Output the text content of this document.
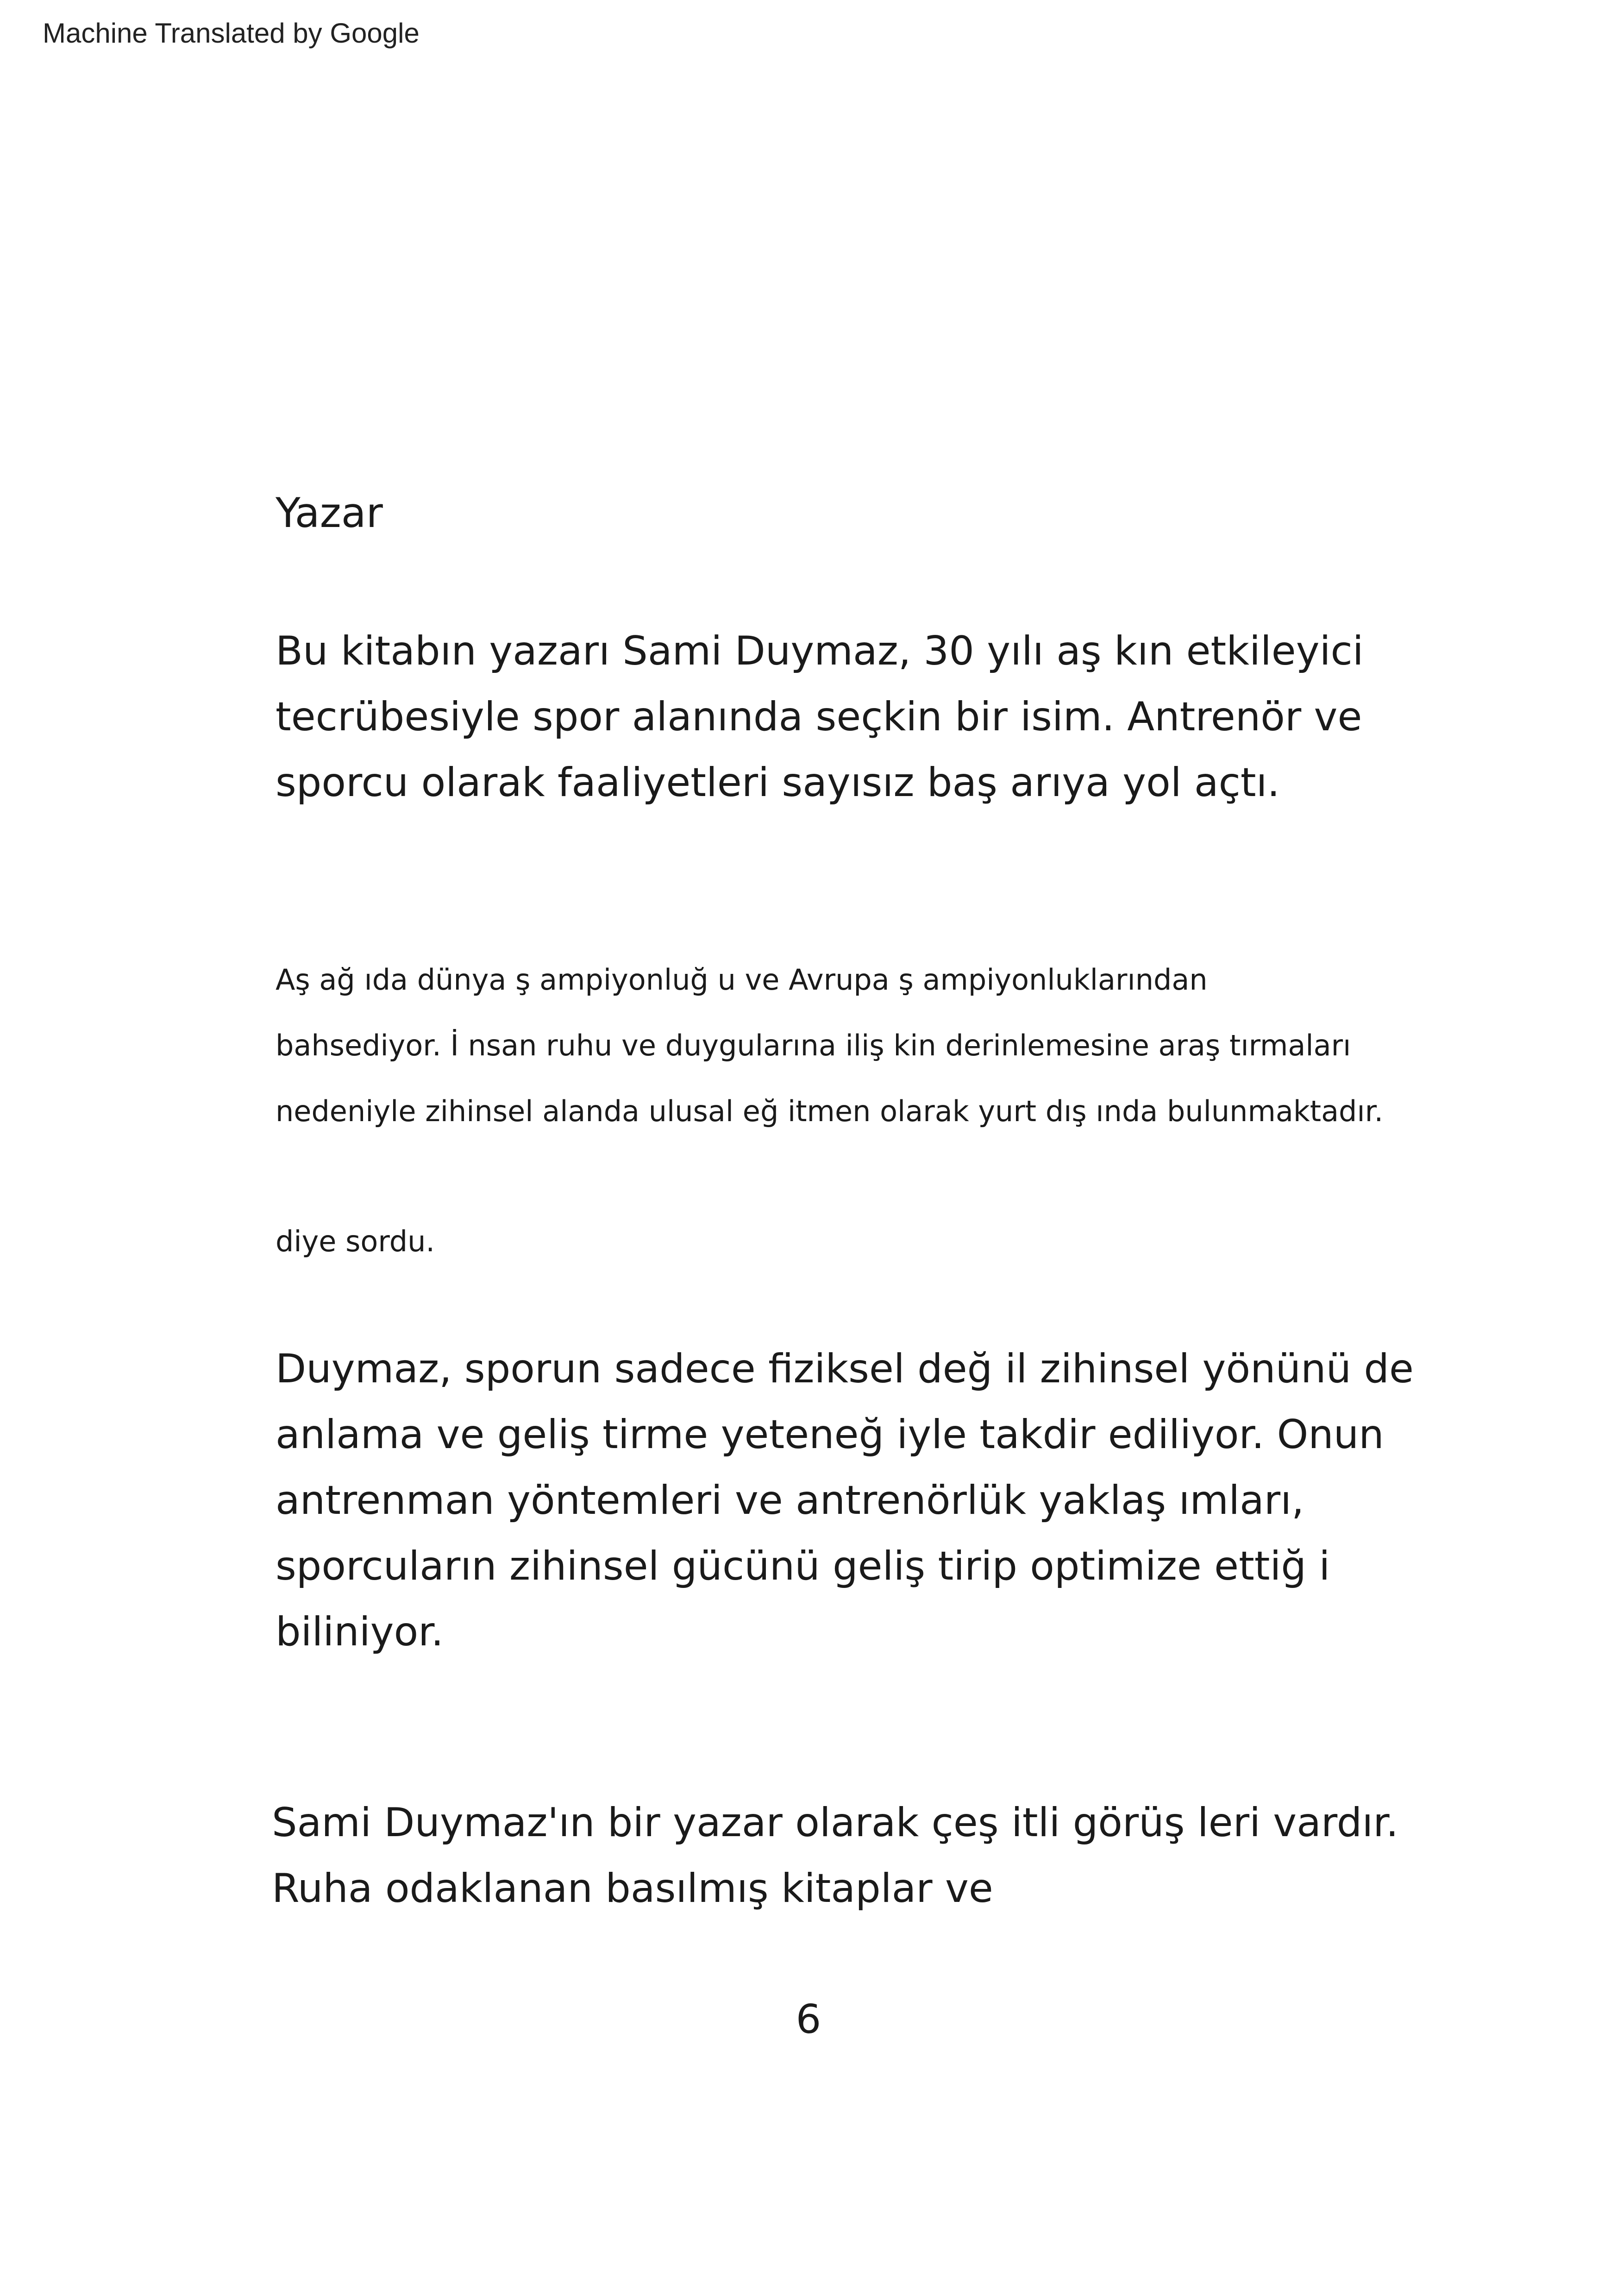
Machine Translated by Google
Yazar

Bu kitabın yazarı Sami Duymaz, 30 yılı aş kın etkileyici
tecrübesiyle spor alanında seçkin bir isim. Antrenör ve
sporcu olarak faaliyetleri sayısız baş arıya yol açtı.

Aş ağ ıda dünya ş ampiyonluğ u ve Avrupa ş ampiyonluklarından
bahsediyor. İ nsan ruhu ve duygularına iliş kin derinlemesine araş tırmaları
nedeniyle zihinsel alanda ulusal eğ itmen olarak yurt dış ında bulunmaktadır.

diye sordu.

Duymaz, sporun sadece fiziksel değ il zihinsel yönünü de
anlama ve geliş tirme yeteneğ iyle takdir ediliyor. Onun
antrenman yöntemleri ve antrenörlük yaklaş ımları,
sporcuların zihinsel gücünü geliş tirip optimize ettiğ i
biliniyor.

Sami Duymaz'ın bir yazar olarak çeş itli görüş leri vardır.
Ruha odaklanan basılmış kitaplar ve

6
